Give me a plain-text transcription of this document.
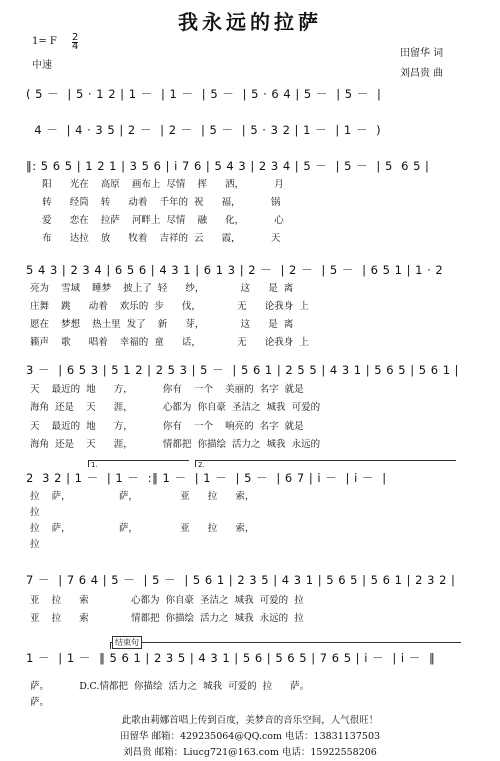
我永远的拉萨
1= F 2
4
中速
田留华 词
刘昌贵 曲
( 5 －  | 5 · 1 2 | 1 －  | 1 －  | 5 －  | 5 · 6 4 | 5 －  | 5 －  |
4 －  | 4 · 3 5 | 2 －  | 2 －  | 5 －  | 5 · 3 2 | 1 －  | 1 －  )
‖: 5 6 5 | 1 2 1 | 3 5 6 | i 7 6 | 5 4 3 | 2 3 4 | 5 －  | 5 －  | 5  6 5 |
阳      光在    高原    画布上  尽情    挥      洒，          月
转      经筒    转      动着    千年的  祝      福，          锅
爱      恋在    拉萨    河畔上  尽情    融      化，          心
布      达拉    放      牧着    吉祥的  云      霞，          天
5 4 3 | 2 3 4 | 6 5 6 | 4 3 1 | 6 1 3 | 2 －  | 2 －  | 5 －  | 6 5 1 | 1 · 2
亮为    雪域    睡梦    披上了  轻      纱，            这      是  离
庄舞    跳      动着    欢乐的  步      伐，            无      论我身  上
愿在    梦想    热土里  发了    新      芽，            这      是  离
籁声    歌      唱着    幸福的  童      话，            无      论我身  上
3 －  | 6 5 3 | 5 1 2 | 2 5 3 | 5 －  | 5 6 1 | 2 5 5 | 4 3 1 | 5 6 5 | 5 6 1 |
天    最近的  地      方，          你有    一个    美丽的  名字  就是
海角  还是    天      涯，          心都为  你自豪  圣洁之  城我  可爱的
天    最近的  地      方，          你有    一个    响亮的  名字  就是
海角  还是    天      涯，          情都把  你描绘  活力之  城我  永远的
2  3 2 | 1 －  | 1 －  :‖ 1 －  | 1 －  | 5 －  | 6 7 | i －  | i －  |
拉    萨，                萨，              亚      拉      索，
拉
拉    萨，                萨，              亚      拉      索，
拉
7 －  | 7 6 4 | 5 －  | 5 －  | 5 6 1 | 2 3 5 | 4 3 1 | 5 6 5 | 5 6 1 | 2 3 2 |
亚    拉      索              心都为  你自豪  圣洁之  城我  可爱的  拉
亚    拉      索              情都把  你描绘  活力之  城我  永远的  拉
1 －  | 1 －  ‖ 5 6 1 | 2 3 5 | 4 3 1 | 5 6 | 5 6 5 | 7 6 5 | i －  | i －  ‖
萨。          D.C.情都把  你描绘  活力之  城我  可爱的  拉      萨。
萨。
1.	2.
结束句
此歌由莉娜首唱上传到百度，美梦音的音乐空间，人气很旺！
田留华 邮箱：429235064@QQ.com 电话：13831137503
刘昌贵 邮箱：Liucg721@163.com 电话：15922558206
